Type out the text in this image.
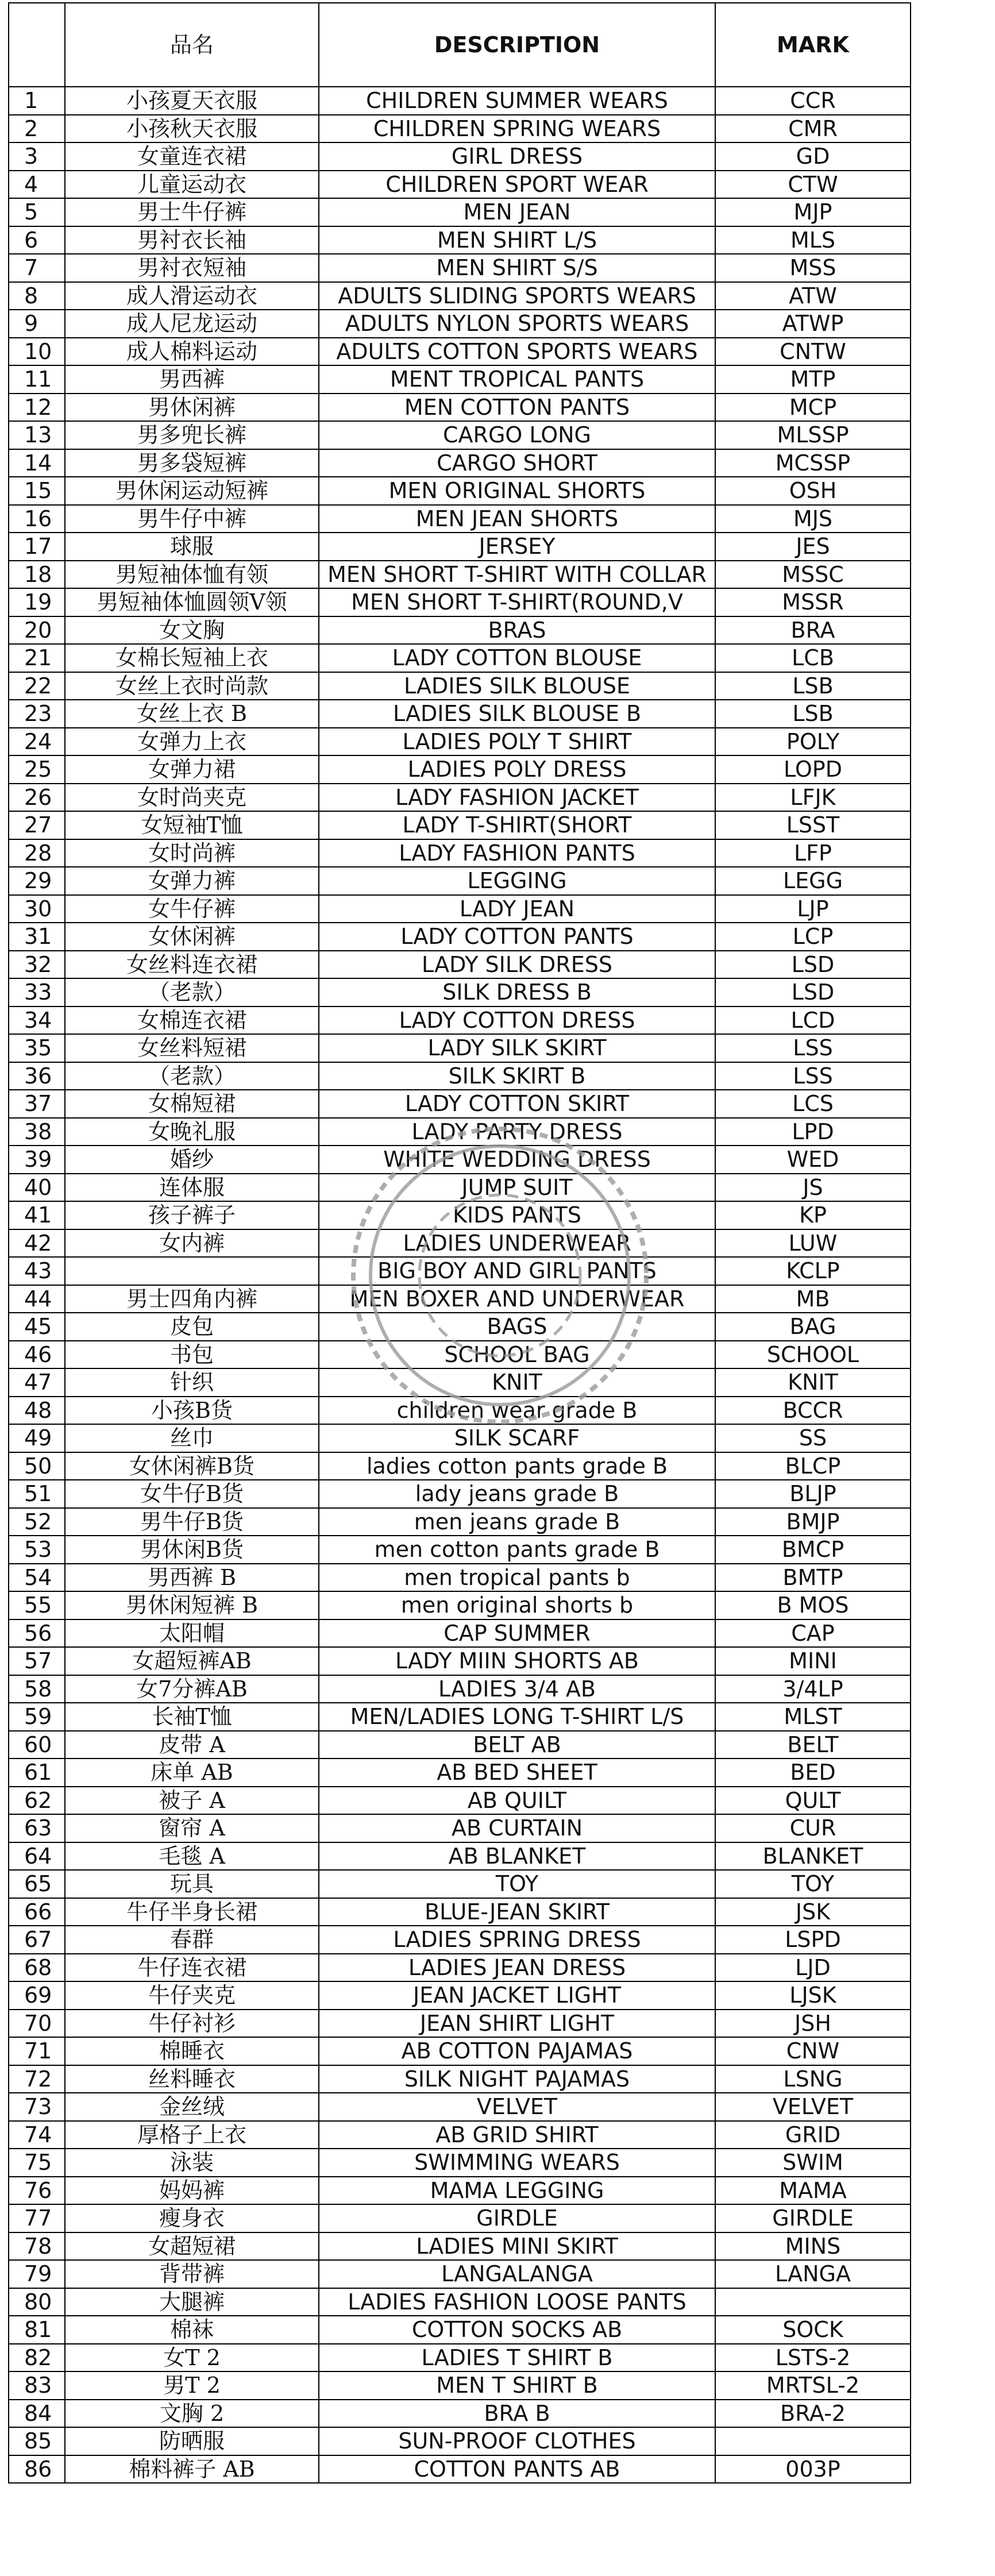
	品名	DESCRIPTION	MARK
1	小孩夏天衣服	CHILDREN SUMMER WEARS	CCR
2	小孩秋天衣服	CHILDREN SPRING WEARS	CMR
3	女童连衣裙	GIRL DRESS	GD
4	儿童运动衣	CHILDREN SPORT WEAR	CTW
5	男士牛仔裤	MEN JEAN	MJP
6	男衬衣长袖	MEN SHIRT L/S	MLS
7	男衬衣短袖	MEN SHIRT S/S	MSS
8	成人滑运动衣	ADULTS SLIDING SPORTS WEARS	ATW
9	成人尼龙运动	ADULTS NYLON SPORTS WEARS	ATWP
10	成人棉料运动	ADULTS COTTON SPORTS WEARS	CNTW
11	男西裤	MENT TROPICAL PANTS	MTP
12	男休闲裤	MEN COTTON PANTS	MCP
13	男多兜长裤	CARGO LONG	MLSSP
14	男多袋短裤	CARGO SHORT	MCSSP
15	男休闲运动短裤	MEN ORIGINAL SHORTS	OSH
16	男牛仔中裤	MEN JEAN SHORTS	MJS
17	球服	JERSEY	JES
18	男短袖体恤有领	MEN SHORT T-SHIRT WITH COLLAR	MSSC
19	男短袖体恤圆领V领	MEN SHORT T-SHIRT(ROUND,V	MSSR
20	女文胸	BRAS	BRA
21	女棉长短袖上衣	LADY COTTON BLOUSE	LCB
22	女丝上衣时尚款	LADIES SILK BLOUSE	LSB
23	女丝上衣 B	LADIES SILK BLOUSE B	LSB
24	女弹力上衣	LADIES POLY T SHIRT	POLY
25	女弹力裙	LADIES POLY DRESS	LOPD
26	女时尚夹克	LADY FASHION JACKET	LFJK
27	女短袖T恤	LADY T-SHIRT(SHORT	LSST
28	女时尚裤	LADY FASHION PANTS	LFP
29	女弹力裤	LEGGING	LEGG
30	女牛仔裤	LADY JEAN	LJP
31	女休闲裤	LADY COTTON PANTS	LCP
32	女丝料连衣裙	LADY SILK DRESS	LSD
33	（老款）	SILK DRESS B	LSD
34	女棉连衣裙	LADY COTTON DRESS	LCD
35	女丝料短裙	LADY SILK SKIRT	LSS
36	（老款）	SILK SKIRT B	LSS
37	女棉短裙	LADY COTTON SKIRT	LCS
38	女晚礼服	LADY PARTY DRESS	LPD
39	婚纱	WHITE WEDDING DRESS	WED
40	连体服	JUMP SUIT	JS
41	孩子裤子	KIDS PANTS	KP
42	女内裤	LADIES UNDERWEAR	LUW
43		BIG BOY AND GIRL PANTS	KCLP
44	男士四角内裤	MEN BOXER AND UNDERWEAR	MB
45	皮包	BAGS	BAG
46	书包	SCHOOL BAG	SCHOOL
47	针织	KNIT	KNIT
48	小孩B货	children wear grade B	BCCR
49	丝巾	SILK SCARF	SS
50	女休闲裤B货	ladies cotton pants grade B	BLCP
51	女牛仔B货	lady jeans grade B	BLJP
52	男牛仔B货	men jeans grade B	BMJP
53	男休闲B货	men cotton pants grade B	BMCP
54	男西裤 B	men tropical pants b	BMTP
55	男休闲短裤 B	men original shorts b	B MOS
56	太阳帽	CAP SUMMER	CAP
57	女超短裤AB	LADY MIIN SHORTS AB	MINI
58	女7分裤AB	LADIES 3/4 AB	3/4LP
59	长袖T恤	MEN/LADIES LONG T-SHIRT L/S	MLST
60	皮带 A	BELT AB	BELT
61	床单 AB	AB BED SHEET	BED
62	被子 A	AB QUILT	QULT
63	窗帘 A	AB CURTAIN	CUR
64	毛毯 A	AB BLANKET	BLANKET
65	玩具	TOY	TOY
66	牛仔半身长裙	BLUE-JEAN SKIRT	JSK
67	春群	LADIES SPRING DRESS	LSPD
68	牛仔连衣裙	LADIES JEAN DRESS	LJD
69	牛仔夹克	JEAN JACKET LIGHT	LJSK
70	牛仔衬衫	JEAN SHIRT LIGHT	JSH
71	棉睡衣	AB COTTON PAJAMAS	CNW
72	丝料睡衣	SILK NIGHT PAJAMAS	LSNG
73	金丝绒	VELVET	VELVET
74	厚格子上衣	AB GRID SHIRT	GRID
75	泳装	SWIMMING WEARS	SWIM
76	妈妈裤	MAMA LEGGING	MAMA
77	瘦身衣	GIRDLE	GIRDLE
78	女超短裙	LADIES MINI SKIRT	MINS
79	背带裤	LANGALANGA	LANGA
80	大腿裤	LADIES FASHION LOOSE PANTS	
81	棉袜	COTTON SOCKS AB	SOCK
82	女T 2	LADIES T SHIRT B	LSTS-2
83	男T 2	MEN T SHIRT B	MRTSL-2
84	文胸 2	BRA B	BRA-2
85	防晒服	SUN-PROOF CLOTHES	
86	棉料裤子 AB	COTTON PANTS AB	003P
